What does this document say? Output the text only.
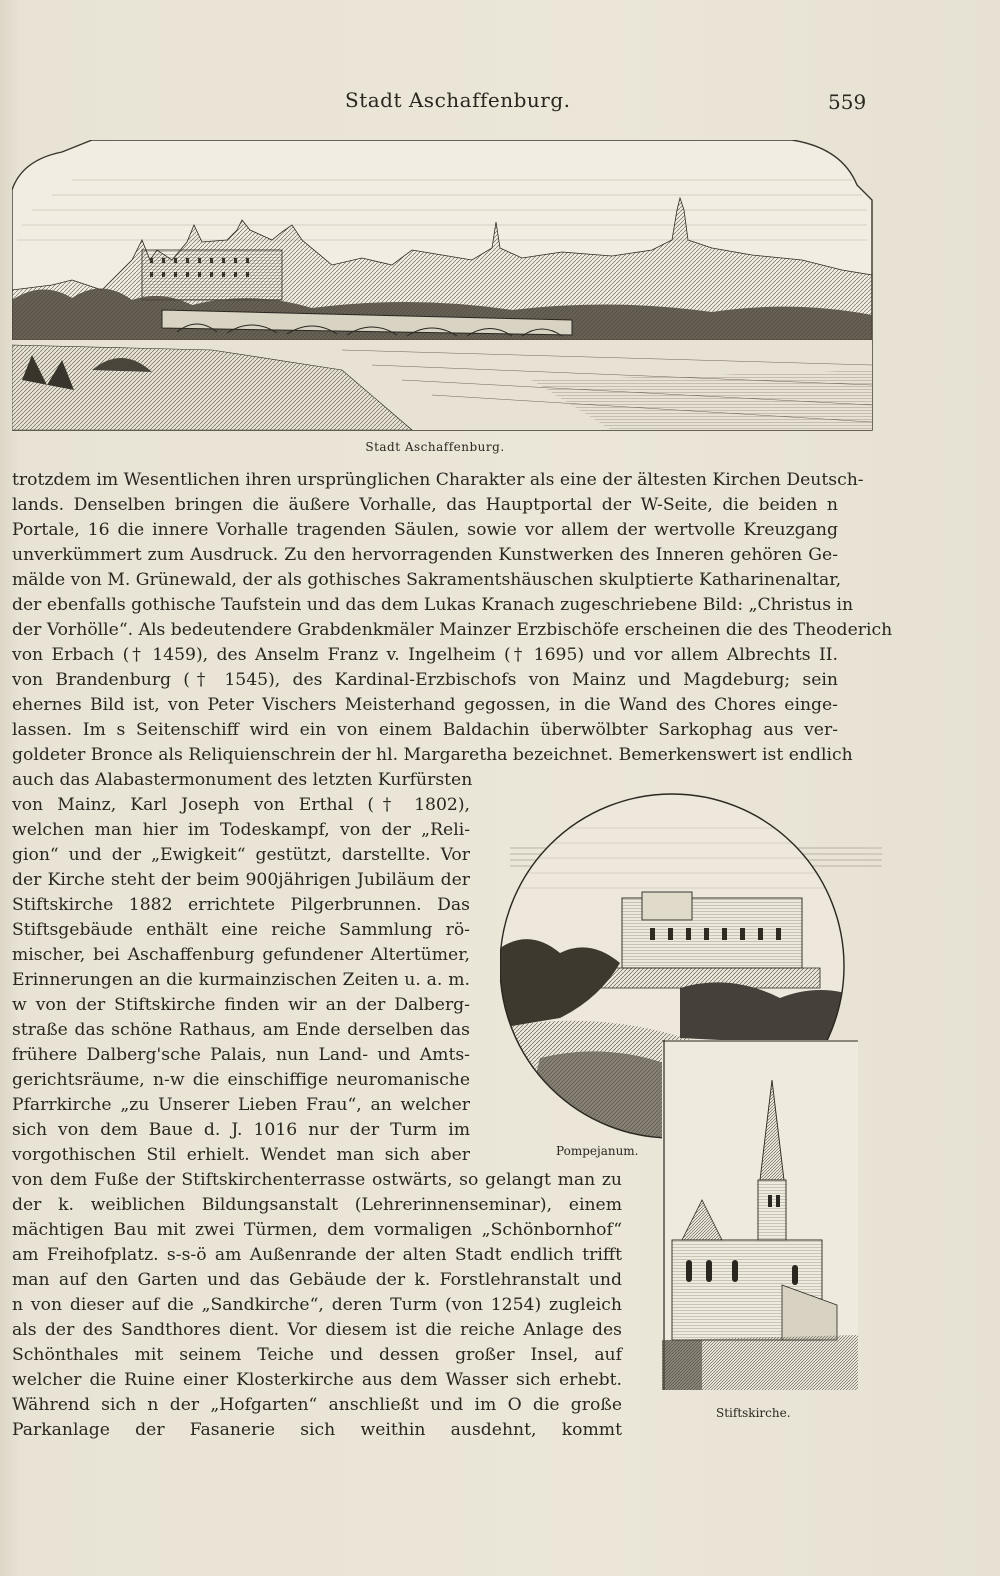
Stadt Aschaffenburg.	559
Stadt Aschaffenburg.
trotzdem im Wesentlichen ihren ursprünglichen Charakter als eine der ältesten Kirchen Deutsch-
lands. Denselben bringen die äußere Vorhalle, das Hauptportal der W-Seite, die beiden n
Portale, 16 die innere Vorhalle tragenden Säulen, sowie vor allem der wertvolle Kreuzgang
unverkümmert zum Ausdruck. Zu den hervorragenden Kunstwerken des Inneren gehören Ge-
mälde von M. Grünewald, der als gothisches Sakramentshäuschen skulptierte Katharinenaltar,
der ebenfalls gothische Taufstein und das dem Lukas Kranach zugeschriebene Bild: „Christus in
der Vorhölle“. Als bedeutendere Grabdenkmäler Mainzer Erzbischöfe erscheinen die des Theoderich
von Erbach († 1459), des Anselm Franz v. Ingelheim († 1695) und vor allem Albrechts II.
von Brandenburg († 1545), des Kardinal-Erzbischofs von Mainz und Magdeburg; sein
ehernes Bild ist, von Peter Vischers Meisterhand gegossen, in die Wand des Chores einge-
lassen. Im s Seitenschiff wird ein von einem Baldachin überwölbter Sarkophag aus ver-
goldeter Bronce als Reliquienschrein der hl. Margaretha bezeichnet. Bemerkenswert ist endlich
auch das Alabastermonument des letzten Kurfürsten
von Mainz, Karl Joseph von Erthal († 1802),
welchen man hier im Todeskampf, von der „Reli-
gion“ und der „Ewigkeit“ gestützt, darstellte. Vor
der Kirche steht der beim 900jährigen Jubiläum der
Stiftskirche 1882 errichtete Pilgerbrunnen. Das
Stiftsgebäude enthält eine reiche Sammlung rö-
mischer, bei Aschaffenburg gefundener Altertümer,
Erinnerungen an die kurmainzischen Zeiten u. a. m.
w von der Stiftskirche finden wir an der Dalberg-
straße das schöne Rathaus, am Ende derselben das
frühere Dalberg'sche Palais, nun Land- und Amts-
gerichtsräume, n-w die einschiffige neuromanische
Pfarrkirche „zu Unserer Lieben Frau“, an welcher
sich von dem Baue d. J. 1016 nur der Turm im
vorgothischen Stil erhielt. Wendet man sich aber
von dem Fuße der Stiftskirchenterrasse ostwärts, so gelangt man zu
der k. weiblichen Bildungsanstalt (Lehrerinnenseminar), einem
mächtigen Bau mit zwei Türmen, dem vormaligen „Schönbornhof“
am Freihofplatz. s-s-ö am Außenrande der alten Stadt endlich trifft
man auf den Garten und das Gebäude der k. Forstlehranstalt und
n von dieser auf die „Sandkirche“, deren Turm (von 1254) zugleich
als der des Sandthores dient. Vor diesem ist die reiche Anlage des
Schönthales mit seinem Teiche und dessen großer Insel, auf
welcher die Ruine einer Klosterkirche aus dem Wasser sich erhebt.
Während sich n der „Hofgarten“ anschließt und im O die große
Parkanlage der Fasanerie sich weithin ausdehnt, kommt
Pompejanum.
Stiftskirche.
